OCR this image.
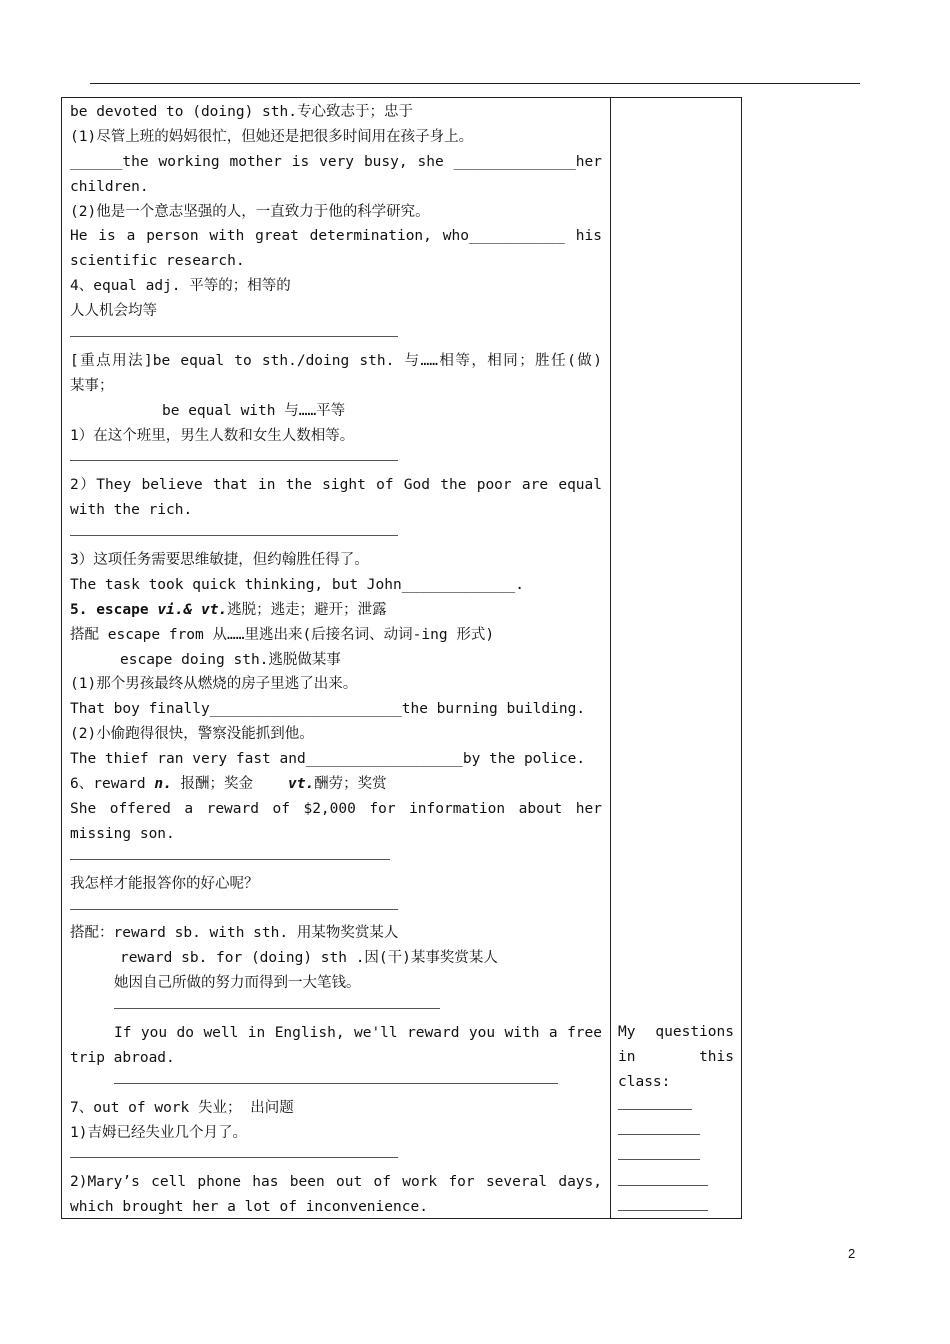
be devoted to (doing) sth.专心致志于；忠于
(1)尽管上班的妈妈很忙，但她还是把很多时间用在孩子身上。
______the working mother is very busy, she ______________her
children.
(2)他是一个意志坚强的人，一直致力于他的科学研究。
He is a person with great determination, who___________ his
scientific research.
4、equal adj. 平等的；相等的
人人机会均等
[重点用法]be equal to sth./doing sth. 与……相等，相同；胜任(做)
某事；
be equal with 与……平等
1）在这个班里，男生人数和女生人数相等。
2）They believe that in the sight of God the poor are equal
with the rich.
3）这项任务需要思维敏捷，但约翰胜任得了。
The task took quick thinking, but John_____________.
5. escape vi.& vt.逃脱；逃走；避开；泄露
搭配 escape from 从……里逃出来(后接名词、动词-ing 形式)
escape doing sth.逃脱做某事
(1)那个男孩最终从燃烧的房子里逃了出来。
That boy finally______________________the burning building.
(2)小偷跑得很快，警察没能抓到他。
The thief ran very fast and__________________by the police.
6、reward n. 报酬；奖金 vt.酬劳；奖赏
She offered a reward of $2,000 for information about her
missing son.
我怎样才能报答你的好心呢？
搭配：reward sb. with sth. 用某物奖赏某人
reward sb. for (doing) sth .因(干)某事奖赏某人
她因自己所做的努力而得到一大笔钱。
If you do well in English, we'll reward you with a free
trip abroad.
7、out of work 失业； 出问题
1)吉姆已经失业几个月了。
2)Mary’s cell phone has been out of work for several days,
which brought her a lot of inconvenience.
My questions
in this
class:
2
